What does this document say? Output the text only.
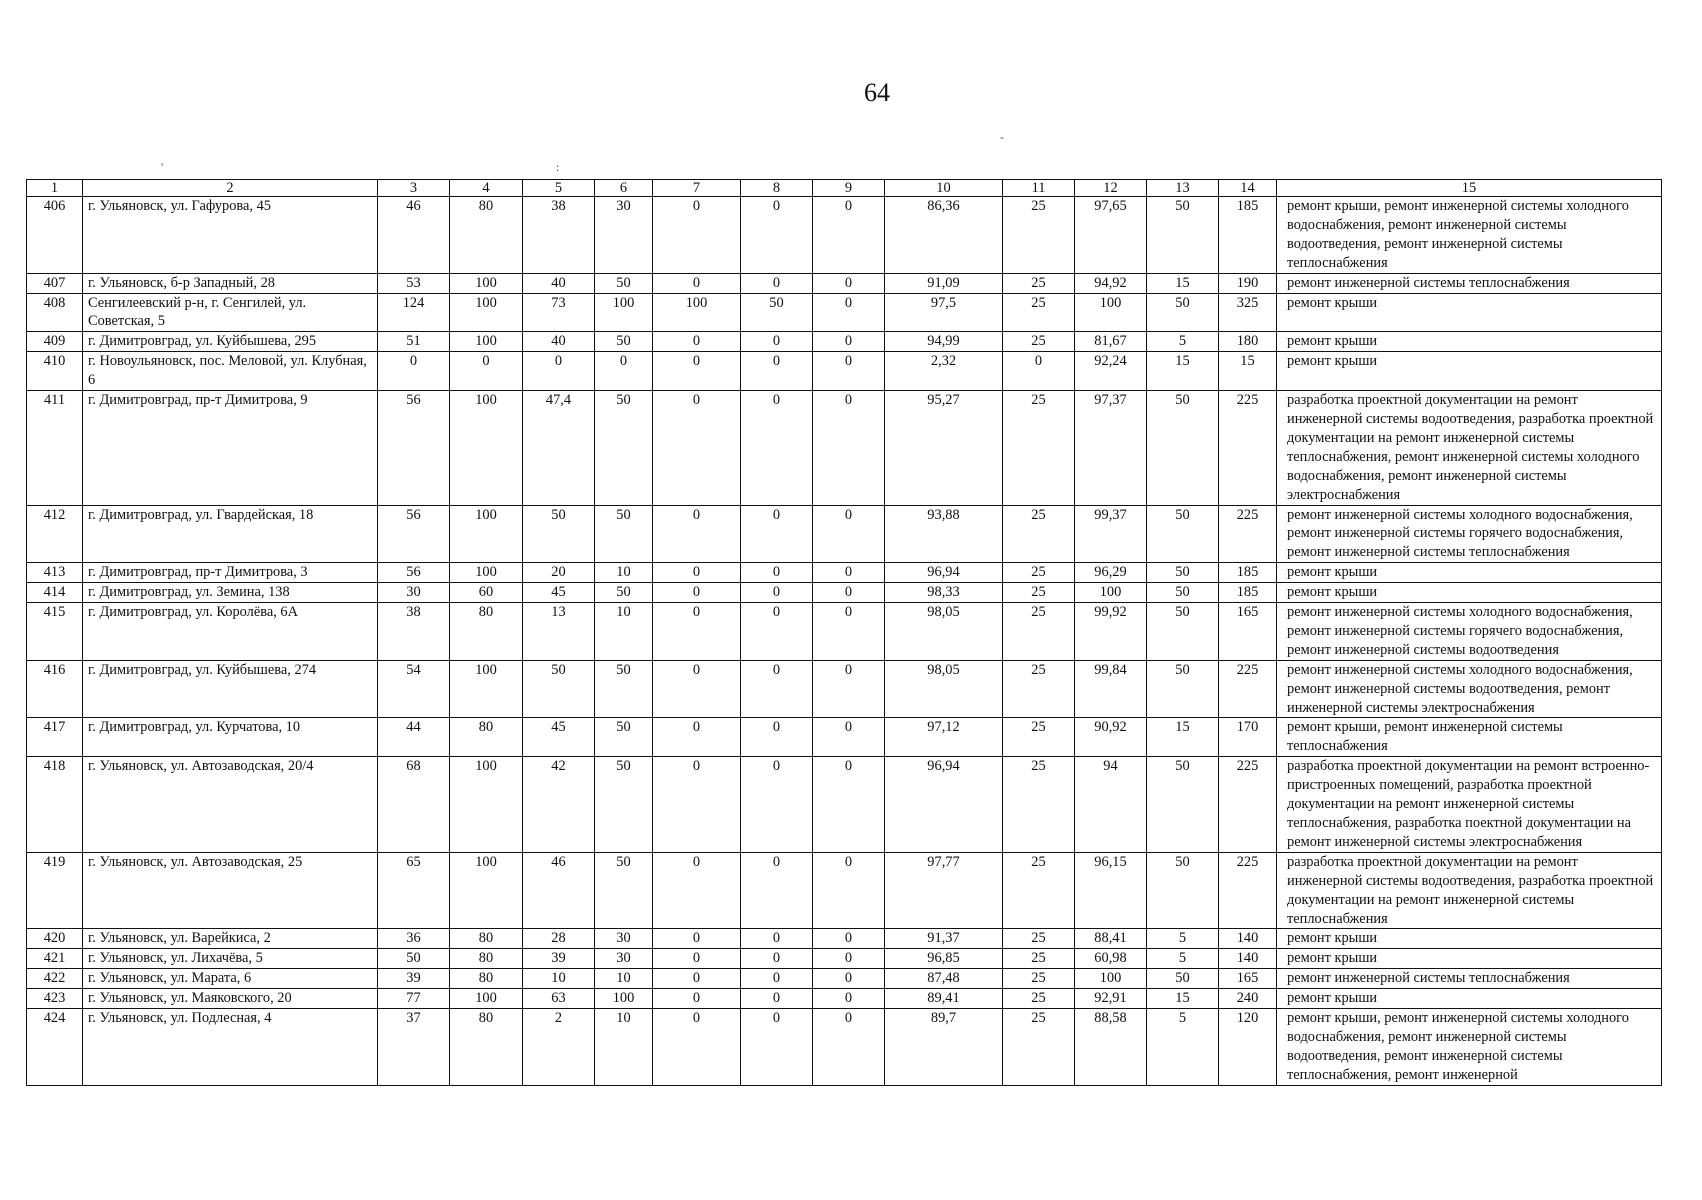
64
'	:
-
1	2	3	4	5	6	7	8	9	10	11	12	13	14	15
406	г. Ульяновск, ул. Гафурова, 45	46	80	38	30	0	0	0	86,36	25	97,65	50	185	ремонт крыши, ремонт инженерной системы холодного водоснабжения, ремонт инженерной системы водоотведения, ремонт инженерной системы теплоснабжения
407	г. Ульяновск, б-р Западный, 28	53	100	40	50	0	0	0	91,09	25	94,92	15	190	ремонт инженерной системы теплоснабжения
408	Сенгилеевский р-н, г. Сенгилей, ул. Советская, 5	124	100	73	100	100	50	0	97,5	25	100	50	325	ремонт крыши
409	г. Димитровград, ул. Куйбышева, 295	51	100	40	50	0	0	0	94,99	25	81,67	5	180	ремонт крыши
410	г. Новоульяновск, пос. Меловой, ул. Клубная, 6	0	0	0	0	0	0	0	2,32	0	92,24	15	15	ремонт крыши
411	г. Димитровград, пр-т Димитрова, 9	56	100	47,4	50	0	0	0	95,27	25	97,37	50	225	разработка проектной документации на ремонт инженерной системы водоотведения, разработка проектной документации на ремонт инженерной системы теплоснабжения, ремонт инженерной системы холодного водоснабжения, ремонт инженерной системы электроснабжения
412	г. Димитровград, ул. Гвардейская, 18	56	100	50	50	0	0	0	93,88	25	99,37	50	225	ремонт инженерной системы холодного водоснабжения, ремонт инженерной системы горячего водоснабжения, ремонт инженерной системы теплоснабжения
413	г. Димитровград, пр-т Димитрова, 3	56	100	20	10	0	0	0	96,94	25	96,29	50	185	ремонт крыши
414	г. Димитровград, ул. Земина, 138	30	60	45	50	0	0	0	98,33	25	100	50	185	ремонт крыши
415	г. Димитровград, ул. Королёва, 6А	38	80	13	10	0	0	0	98,05	25	99,92	50	165	ремонт инженерной системы холодного водоснабжения, ремонт инженерной системы горячего водоснабжения, ремонт инженерной системы водоотведения
416	г. Димитровград, ул. Куйбышева, 274	54	100	50	50	0	0	0	98,05	25	99,84	50	225	ремонт инженерной системы холодного водоснабжения, ремонт инженерной системы водоотведения, ремонт инженерной системы электроснабжения
417	г. Димитровград, ул. Курчатова, 10	44	80	45	50	0	0	0	97,12	25	90,92	15	170	ремонт крыши, ремонт инженерной системы теплоснабжения
418	г. Ульяновск, ул. Автозаводская, 20/4	68	100	42	50	0	0	0	96,94	25	94	50	225	разработка проектной документации на ремонт встроенно-пристроенных помещений, разработка проектной документации на ремонт инженерной системы теплоснабжения, разработка поектной документации на ремонт инженерной системы электроснабжения
419	г. Ульяновск, ул. Автозаводская, 25	65	100	46	50	0	0	0	97,77	25	96,15	50	225	разработка проектной документации на ремонт инженерной системы водоотведения, разработка проектной документации на ремонт инженерной системы теплоснабжения
420	г. Ульяновск, ул. Варейкиса, 2	36	80	28	30	0	0	0	91,37	25	88,41	5	140	ремонт крыши
421	г. Ульяновск, ул. Лихачёва, 5	50	80	39	30	0	0	0	96,85	25	60,98	5	140	ремонт крыши
422	г. Ульяновск, ул. Марата, 6	39	80	10	10	0	0	0	87,48	25	100	50	165	ремонт инженерной системы теплоснабжения
423	г. Ульяновск, ул. Маяковского, 20	77	100	63	100	0	0	0	89,41	25	92,91	15	240	ремонт крыши
424	г. Ульяновск, ул. Подлесная, 4	37	80	2	10	0	0	0	89,7	25	88,58	5	120	ремонт крыши, ремонт инженерной системы холодного водоснабжения, ремонт инженерной системы водоотведения, ремонт инженерной системы теплоснабжения, ремонт инженерной
